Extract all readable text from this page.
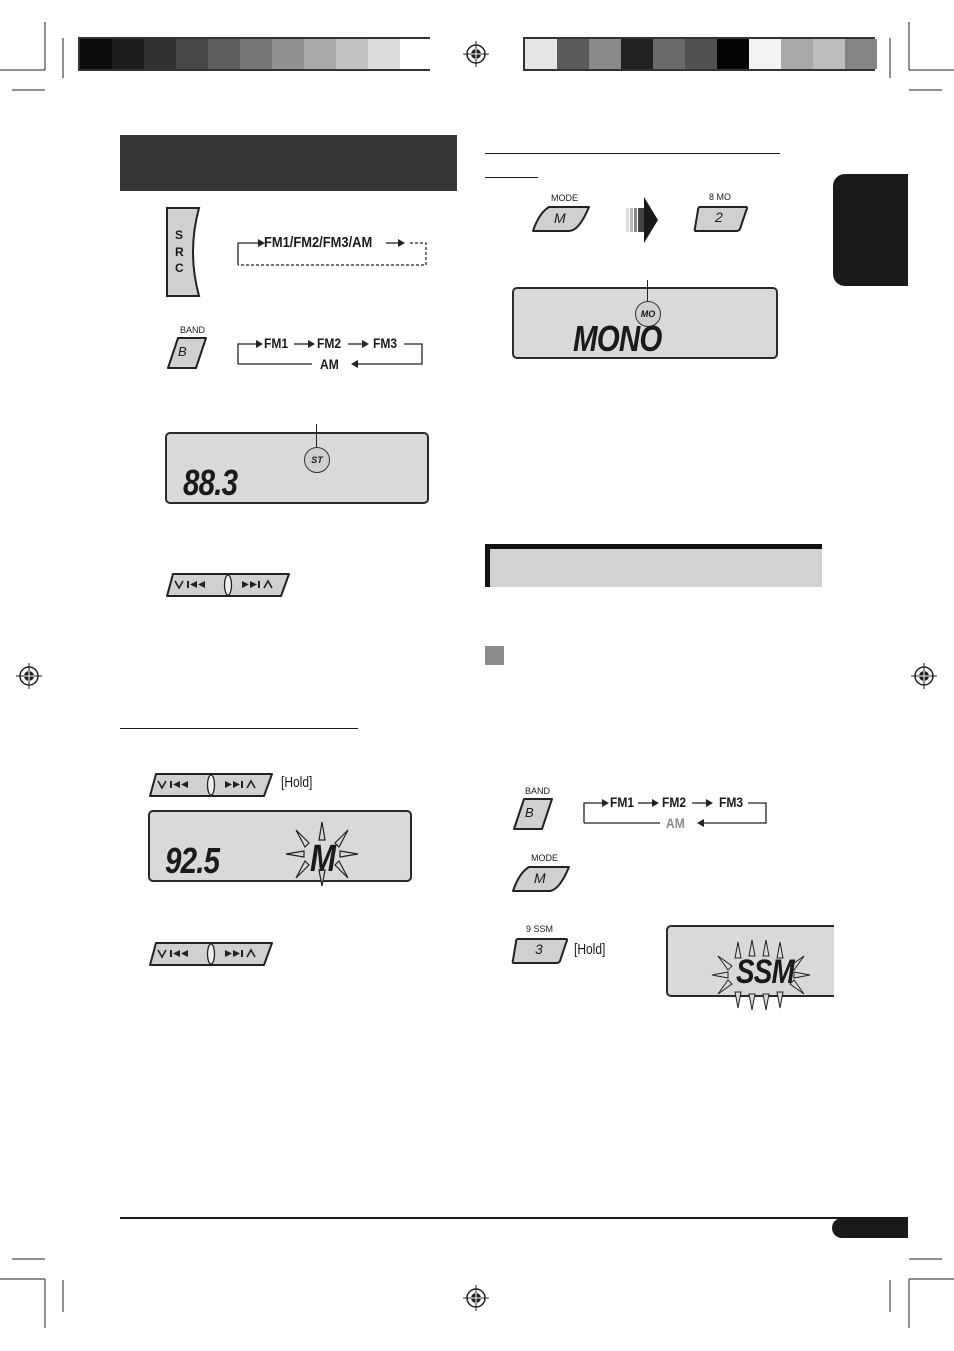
S
R
C
FM1/FM2/FM3/AM
BAND
B
FM1 FM2 FM3
AM
ST
88.3
[Hold]
M
92.5
MODE
M
8 MO
2
MO
MONO
BAND
B
FM1 FM2 FM3
AM
MODE
M
9 SSM
3 [Hold]
SSM
